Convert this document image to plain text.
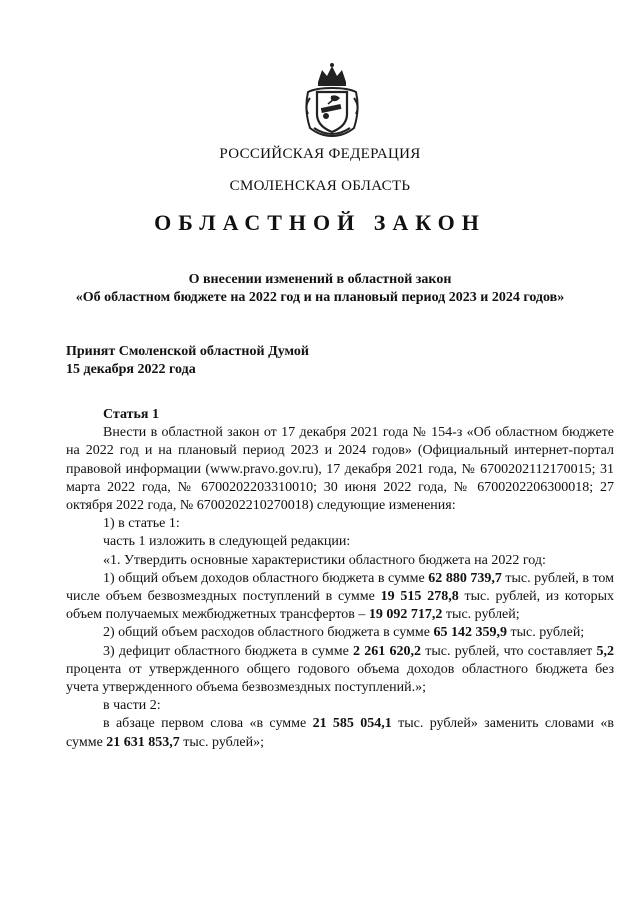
РОССИЙСКАЯ ФЕДЕРАЦИЯ
СМОЛЕНСКАЯ ОБЛАСТЬ
ОБЛАСТНОЙ ЗАКОН
О внесении изменений в областной закон
«Об областном бюджете на 2022 год и на плановый период 2023 и 2024 годов»
Принят Смоленской областной Думой
15 декабря 2022 года

Статья 1

Внести в областной закон от 17 декабря 2021 года № 154-з «Об областном бюджете на 2022 год и на плановый период 2023 и 2024 годов» (Официальный интернет-портал правовой информации (www.pravo.gov.ru), 17 декабря 2021 года, № 6700202112170015; 31 марта 2022 года, № 6700202203310010; 30 июня 2022 года, № 6700202206300018; 27 октября 2022 года, № 6700202210270018) следующие изменения:

1) в статье 1:

часть 1 изложить в следующей редакции:

«1. Утвердить основные характеристики областного бюджета на 2022 год:

1) общий объем доходов областного бюджета в сумме 62 880 739,7 тыс. рублей, в том числе объем безвозмездных поступлений в сумме 19 515 278,8 тыс. рублей, из которых объем получаемых межбюджетных трансфертов – 19 092 717,2 тыс. рублей;

2) общий объем расходов областного бюджета в сумме 65 142 359,9 тыс. рублей;

3) дефицит областного бюджета в сумме 2 261 620,2 тыс. рублей, что составляет 5,2 процента от утвержденного общего годового объема доходов областного бюджета без учета утвержденного объема безвозмездных поступлений.»;

в части 2:

в абзаце первом слова «в сумме 21 585 054,1 тыс. рублей» заменить словами «в сумме 21 631 853,7 тыс. рублей»;
